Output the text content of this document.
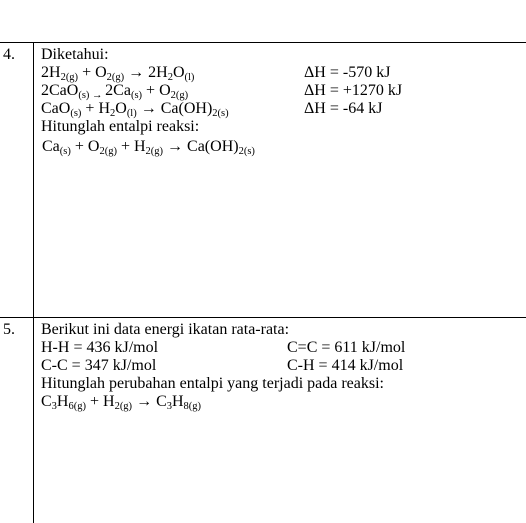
4. Diketahui:
$2H_{2(g)} + O_{2(g)} \to 2H_2O_{(l)}$	ΔH = -570 kJ
2CaO$_{(s) \to}$ $2Ca_{(s)} + O_{2(g)}$	ΔH = +1270 kJ
$CaO_{(s)} + H_2O_{(l)} \to Ca(OH)_{2(s)}$	ΔH = -64 kJ
Hitunglah entalpi reaksi:
$Ca_{(s)} + O_{2(g)} + H_{2(g)} \to Ca(OH)_{2(s)}$
5. Berikut ini data energi ikatan rata-rata:
H-H = 436 kJ/mol	C=C = 611 kJ/mol
C-C = 347 kJ/mol	C-H = 414 kJ/mol
Hitunglah perubahan entalpi yang terjadi pada reaksi:
$C_3H_{6(g)} + H_{2(g)} \to C_3H_{8(g)}$
